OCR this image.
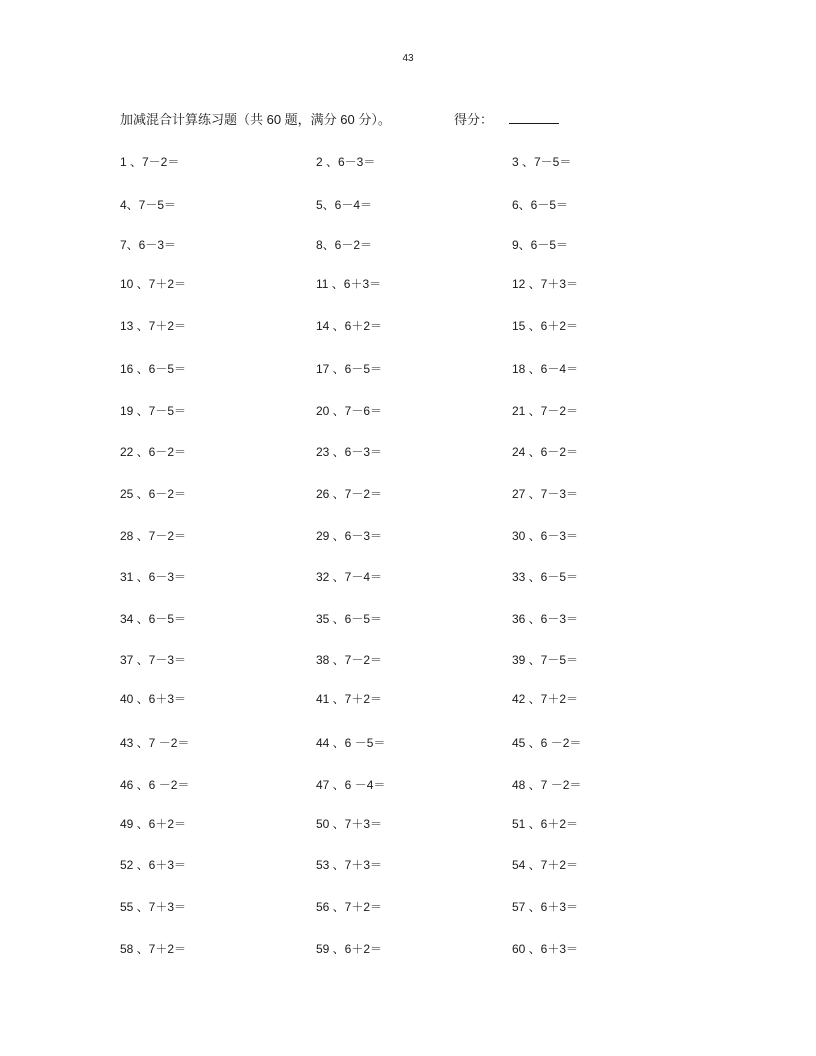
43
加减混合计算练习题（共 60 题，满分 60 分）。	得分：
1 、7－2＝	2 、6－3＝	3 、7－5＝
4、7－5＝	5、6－4＝	6、6－5＝
7、6－3＝	8、6－2＝	9、6－5＝
10 、7＋2＝	11 、6＋3＝	12 、7＋3＝
13 、7＋2＝	14 、6＋2＝	15 、6＋2＝
16 、6－5＝	17 、6－5＝	18 、6－4＝
19 、7－5＝	20 、7－6＝	21 、7－2＝
22 、6－2＝	23 、6－3＝	24 、6－2＝
25 、6－2＝	26 、7－2＝	27 、7－3＝
28 、7－2＝	29 、6－3＝	30 、6－3＝
31 、6－3＝	32 、7－4＝	33 、6－5＝
34 、6－5＝	35 、6－5＝	36 、6－3＝
37 、7－3＝	38 、7－2＝	39 、7－5＝
40 、6＋3＝	41 、7＋2＝	42 、7＋2＝
43 、7 －2＝	44 、6 －5＝	45 、6 －2＝
46 、6 －2＝	47 、6 －4＝	48 、7 －2＝
49 、6＋2＝	50 、7＋3＝	51 、6＋2＝
52 、6＋3＝	53 、7＋3＝	54 、7＋2＝
55 、7＋3＝	56 、7＋2＝	57 、6＋3＝
58 、7＋2＝	59 、6＋2＝	60 、6＋3＝
